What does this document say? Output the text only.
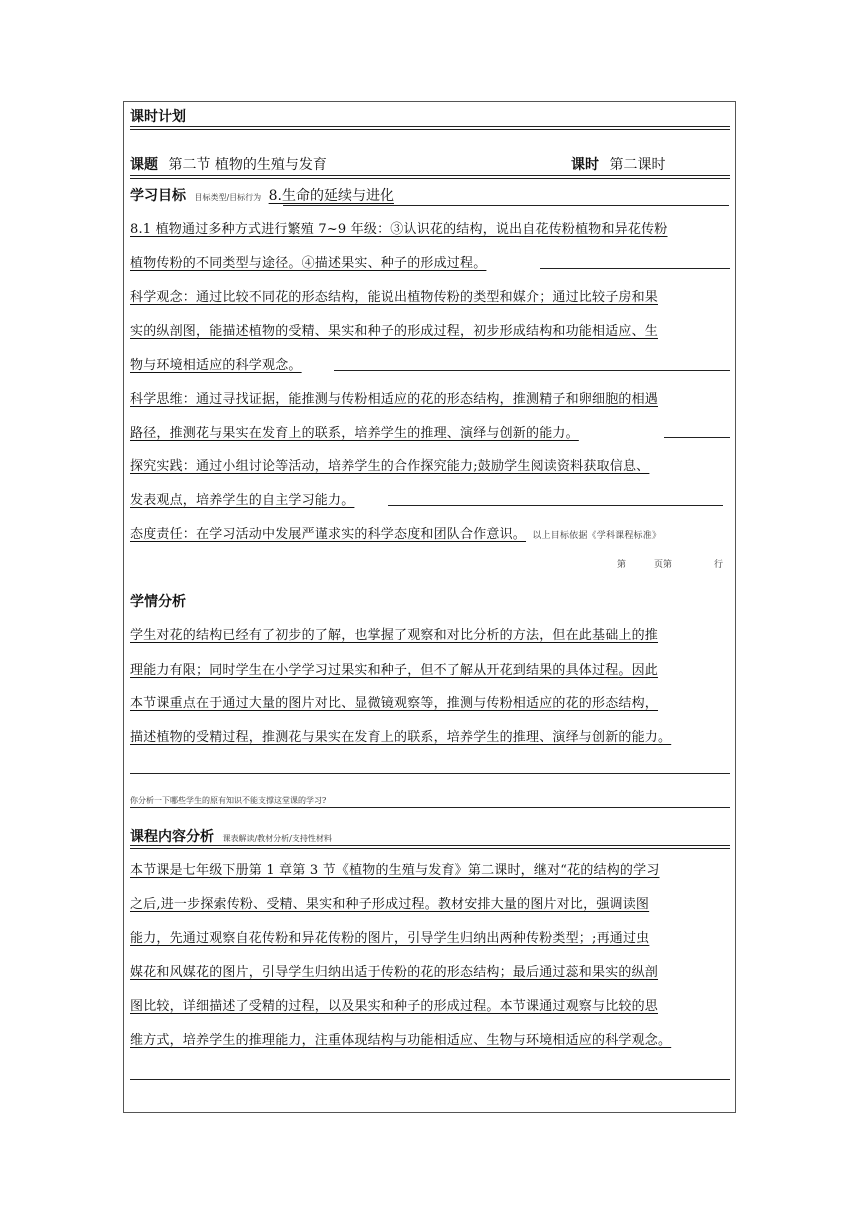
课时计划
课题 第二节 植物的生殖与发育	课时 第二课时
学习目标 目标类型/目标行为 8.生命的延续与进化
8.1 植物通过多种方式进行繁殖 7~9 年级：③认识花的结构，说出自花传粉植物和异花传粉
植物传粉的不同类型与途径。④描述果实、种子的形成过程。
科学观念：通过比较不同花的形态结构，能说出植物传粉的类型和媒介；通过比较子房和果
实的纵剖图，能描述植物的受精、果实和种子的形成过程，初步形成结构和功能相适应、生
物与环境相适应的科学观念。
科学思维：通过寻找证据，能推测与传粉相适应的花的形态结构，推测精子和卵细胞的相遇
路径，推测花与果实在发育上的联系，培养学生的推理、演绎与创新的能力。
探究实践：通过小组讨论等活动，培养学生的合作探究能力;鼓励学生阅读资料获取信息、
发表观点，培养学生的自主学习能力。
态度责任：在学习活动中发展严谨求实的科学态度和团队合作意识。 以上目标依据《学科课程标准》
第	页第	行
学情分析
学生对花的结构已经有了初步的了解，也掌握了观察和对比分析的方法，但在此基础上的推
理能力有限；同时学生在小学学习过果实和种子，但不了解从开花到结果的具体过程。因此
本节课重点在于通过大量的图片对比、显微镜观察等，推测与传粉相适应的花的形态结构，
描述植物的受精过程，推测花与果实在发育上的联系，培养学生的推理、演绎与创新的能力。
你分析一下哪些学生的原有知识不能支撑这堂课的学习?
课程内容分析 课表解读/教材分析/支持性材料
本节课是七年级下册第 1 章第 3 节《植物的生殖与发育》第二课时，继对“花的结构的学习
之后,进一步探索传粉、受精、果实和种子形成过程。教材安排大量的图片对比，强调读图
能力，先通过观察自花传粉和异花传粉的图片，引导学生归纳出两种传粉类型；;再通过虫
媒花和风媒花的图片，引导学生归纳出适于传粉的花的形态结构；最后通过蕊和果实的纵剖
图比较，详细描述了受精的过程，以及果实和种子的形成过程。本节课通过观察与比较的思
维方式，培养学生的推理能力，注重体现结构与功能相适应、生物与环境相适应的科学观念。
